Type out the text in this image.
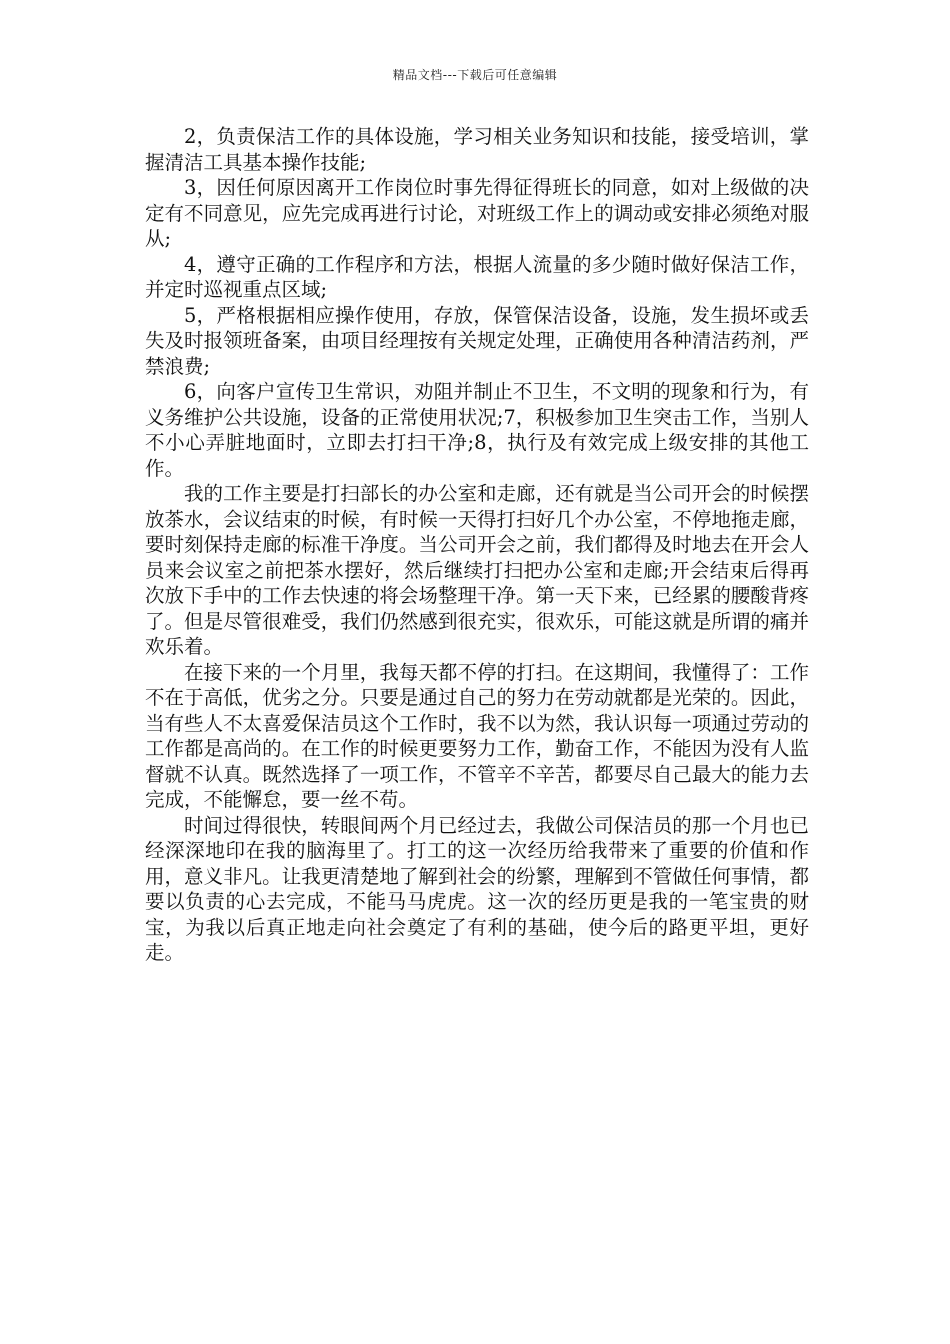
精品文档---下载后可任意编辑

2，负责保洁工作的具体设施，学习相关业务知识和技能，接受培训，掌握清洁工具基本操作技能;

3，因任何原因离开工作岗位时事先得征得班长的同意，如对上级做的决定有不同意见，应先完成再进行讨论，对班级工作上的调动或安排必须绝对服从;

4，遵守正确的工作程序和方法，根据人流量的多少随时做好保洁工作，并定时巡视重点区域;

5，严格根据相应操作使用，存放，保管保洁设备，设施，发生损坏或丢失及时报领班备案，由项目经理按有关规定处理，正确使用各种清洁药剂，严禁浪费;

6，向客户宣传卫生常识，劝阻并制止不卫生，不文明的现象和行为，有义务维护公共设施，设备的正常使用状况;7，积极参加卫生突击工作，当别人不小心弄脏地面时，立即去打扫干净;8，执行及有效完成上级安排的其他工作。

我的工作主要是打扫部长的办公室和走廊，还有就是当公司开会的时候摆放茶水，会议结束的时候，有时候一天得打扫好几个办公室，不停地拖走廊，要时刻保持走廊的标准干净度。当公司开会之前，我们都得及时地去在开会人员来会议室之前把茶水摆好，然后继续打扫把办公室和走廊;开会结束后得再次放下手中的工作去快速的将会场整理干净。第一天下来，已经累的腰酸背疼了。但是尽管很难受，我们仍然感到很充实，很欢乐，可能这就是所谓的痛并欢乐着。

在接下来的一个月里，我每天都不停的打扫。在这期间，我懂得了：工作不在于高低，优劣之分。只要是通过自己的努力在劳动就都是光荣的。因此，当有些人不太喜爱保洁员这个工作时，我不以为然，我认识每一项通过劳动的工作都是高尚的。在工作的时候更要努力工作，勤奋工作，不能因为没有人监督就不认真。既然选择了一项工作，不管辛不辛苦，都要尽自己最大的能力去完成，不能懈怠，要一丝不苟。

时间过得很快，转眼间两个月已经过去，我做公司保洁员的那一个月也已经深深地印在我的脑海里了。打工的这一次经历给我带来了重要的价值和作用，意义非凡。让我更清楚地了解到社会的纷繁，理解到不管做任何事情，都要以负责的心去完成，不能马马虎虎。这一次的经历更是我的一笔宝贵的财宝，为我以后真正地走向社会奠定了有利的基础，使今后的路更平坦，更好走。
